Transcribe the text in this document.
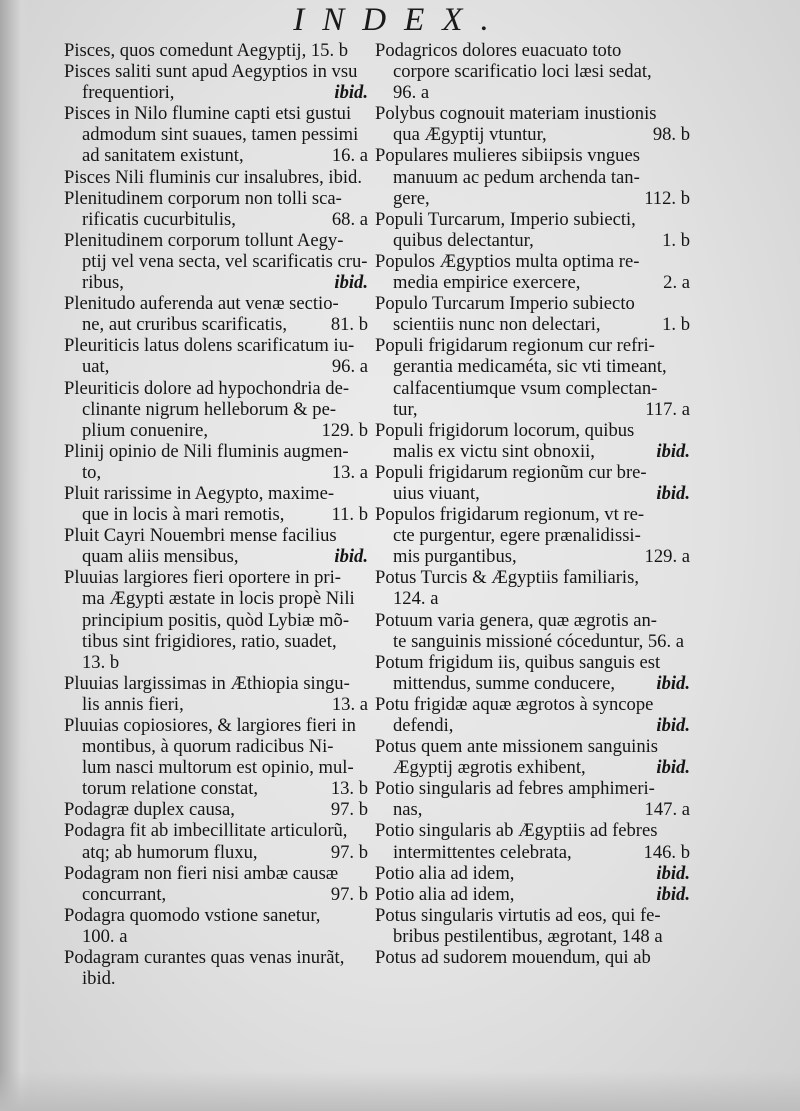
INDEX.
Pisces, quos comedunt Aegyptij, 15. b
Pisces saliti sunt apud Aegyptios in vsu
frequentiori,	ibid.
Pisces in Nilo flumine capti etsi gustui
admodum sint suaues, tamen pessimi
ad sanitatem existunt,	16. a
Pisces Nili fluminis cur insalubres, ibid.
Plenitudinem corporum non tolli sca-
rificatis cucurbitulis,	68. a
Plenitudinem corporum tollunt Aegy-
ptij vel vena secta, vel scarificatis cru-
ribus,	ibid.
Plenitudo auferenda aut venæ sectio-
ne, aut cruribus scarificatis,	81. b
Pleuriticis latus dolens scarificatum iu-
uat,	96. a
Pleuriticis dolore ad hypochondria de-
clinante nigrum helleborum & pe-
plium conuenire,	129. b
Plinij opinio de Nili fluminis augmen-
to,	13. a
Pluit rarissime in Aegypto, maxime-
que in locis à mari remotis,	11. b
Pluit Cayri Nouembri mense facilius
quam aliis mensibus,	ibid.
Pluuias largiores fieri oportere in pri-
ma Ægypti æstate in locis propè Nili
principium positis, quòd Lybiæ mõ-
tibus sint frigidiores, ratio, suadet,
13. b
Pluuias largissimas in Æthiopia singu-
lis annis fieri,	13. a
Pluuias copiosiores, & largiores fieri in
montibus, à quorum radicibus Ni-
lum nasci multorum est opinio, mul-
torum relatione constat,	13. b
Podagræ duplex causa,	97. b
Podagra fit ab imbecillitate articulorũ,
atq; ab humorum fluxu,	97. b
Podagram non fieri nisi ambæ causæ
concurrant,	97. b
Podagra quomodo vstione sanetur,
100. a
Podagram curantes quas venas inurãt,
ibid.
Podagricos dolores euacuato toto
corpore scarificatio loci læsi sedat,
96. a
Polybus cognouit materiam inustionis
qua Ægyptij vtuntur,	98. b
Populares mulieres sibiipsis vngues
manuum ac pedum archenda tan-
gere,	112. b
Populi Turcarum, Imperio subiecti,
quibus delectantur,	1. b
Populos Ægyptios multa optima re-
media empirice exercere,	2. a
Populo Turcarum Imperio subiecto
scientiis nunc non delectari,	1. b
Populi frigidarum regionum cur refri-
gerantia medicaméta, sic vti timeant,
calfacentiumque vsum complectan-
tur,	117. a
Populi frigidorum locorum, quibus
malis ex victu sint obnoxii,	ibid.
Populi frigidarum regionũm cur bre-
uius viuant,	ibid.
Populos frigidarum regionum, vt re-
cte purgentur, egere prænalidissi-
mis purgantibus,	129. a
Potus Turcis & Ægyptiis familiaris,
124. a
Potuum varia genera, quæ ægrotis an-
te sanguinis missioné cóceduntur, 56. a
Potum frigidum iis, quibus sanguis est
mittendus, summe conducere,	ibid.
Potu frigidæ aquæ ægrotos à syncope
defendi,	ibid.
Potus quem ante missionem sanguinis
Ægyptij ægrotis exhibent,	ibid.
Potio singularis ad febres amphimeri-
nas,	147. a
Potio singularis ab Ægyptiis ad febres
intermittentes celebrata,	146. b
Potio alia ad idem,	ibid.
Potio alia ad idem,	ibid.
Potus singularis virtutis ad eos, qui fe-
bribus pestilentibus, ægrotant, 148 a
Potus ad sudorem mouendum, qui ab
